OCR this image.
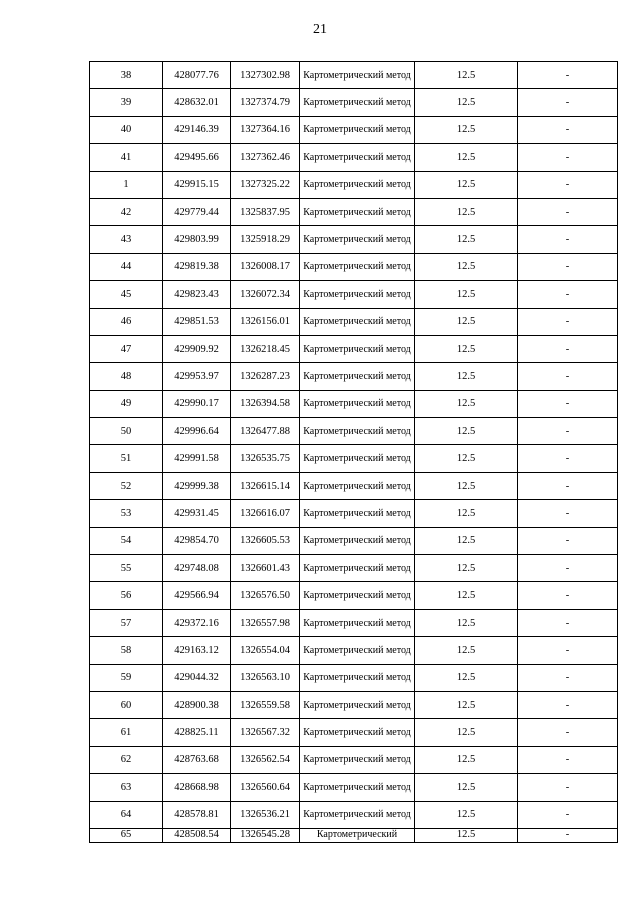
21
38	428077.76	1327302.98	Картометрический метод	12.5	-
39	428632.01	1327374.79	Картометрический метод	12.5	-
40	429146.39	1327364.16	Картометрический метод	12.5	-
41	429495.66	1327362.46	Картометрический метод	12.5	-
1	429915.15	1327325.22	Картометрический метод	12.5	-
42	429779.44	1325837.95	Картометрический метод	12.5	-
43	429803.99	1325918.29	Картометрический метод	12.5	-
44	429819.38	1326008.17	Картометрический метод	12.5	-
45	429823.43	1326072.34	Картометрический метод	12.5	-
46	429851.53	1326156.01	Картометрический метод	12.5	-
47	429909.92	1326218.45	Картометрический метод	12.5	-
48	429953.97	1326287.23	Картометрический метод	12.5	-
49	429990.17	1326394.58	Картометрический метод	12.5	-
50	429996.64	1326477.88	Картометрический метод	12.5	-
51	429991.58	1326535.75	Картометрический метод	12.5	-
52	429999.38	1326615.14	Картометрический метод	12.5	-
53	429931.45	1326616.07	Картометрический метод	12.5	-
54	429854.70	1326605.53	Картометрический метод	12.5	-
55	429748.08	1326601.43	Картометрический метод	12.5	-
56	429566.94	1326576.50	Картометрический метод	12.5	-
57	429372.16	1326557.98	Картометрический метод	12.5	-
58	429163.12	1326554.04	Картометрический метод	12.5	-
59	429044.32	1326563.10	Картометрический метод	12.5	-
60	428900.38	1326559.58	Картометрический метод	12.5	-
61	428825.11	1326567.32	Картометрический метод	12.5	-
62	428763.68	1326562.54	Картометрический метод	12.5	-
63	428668.98	1326560.64	Картометрический метод	12.5	-
64	428578.81	1326536.21	Картометрический метод	12.5	-
65	428508.54	1326545.28	Картометрический	12.5	-
